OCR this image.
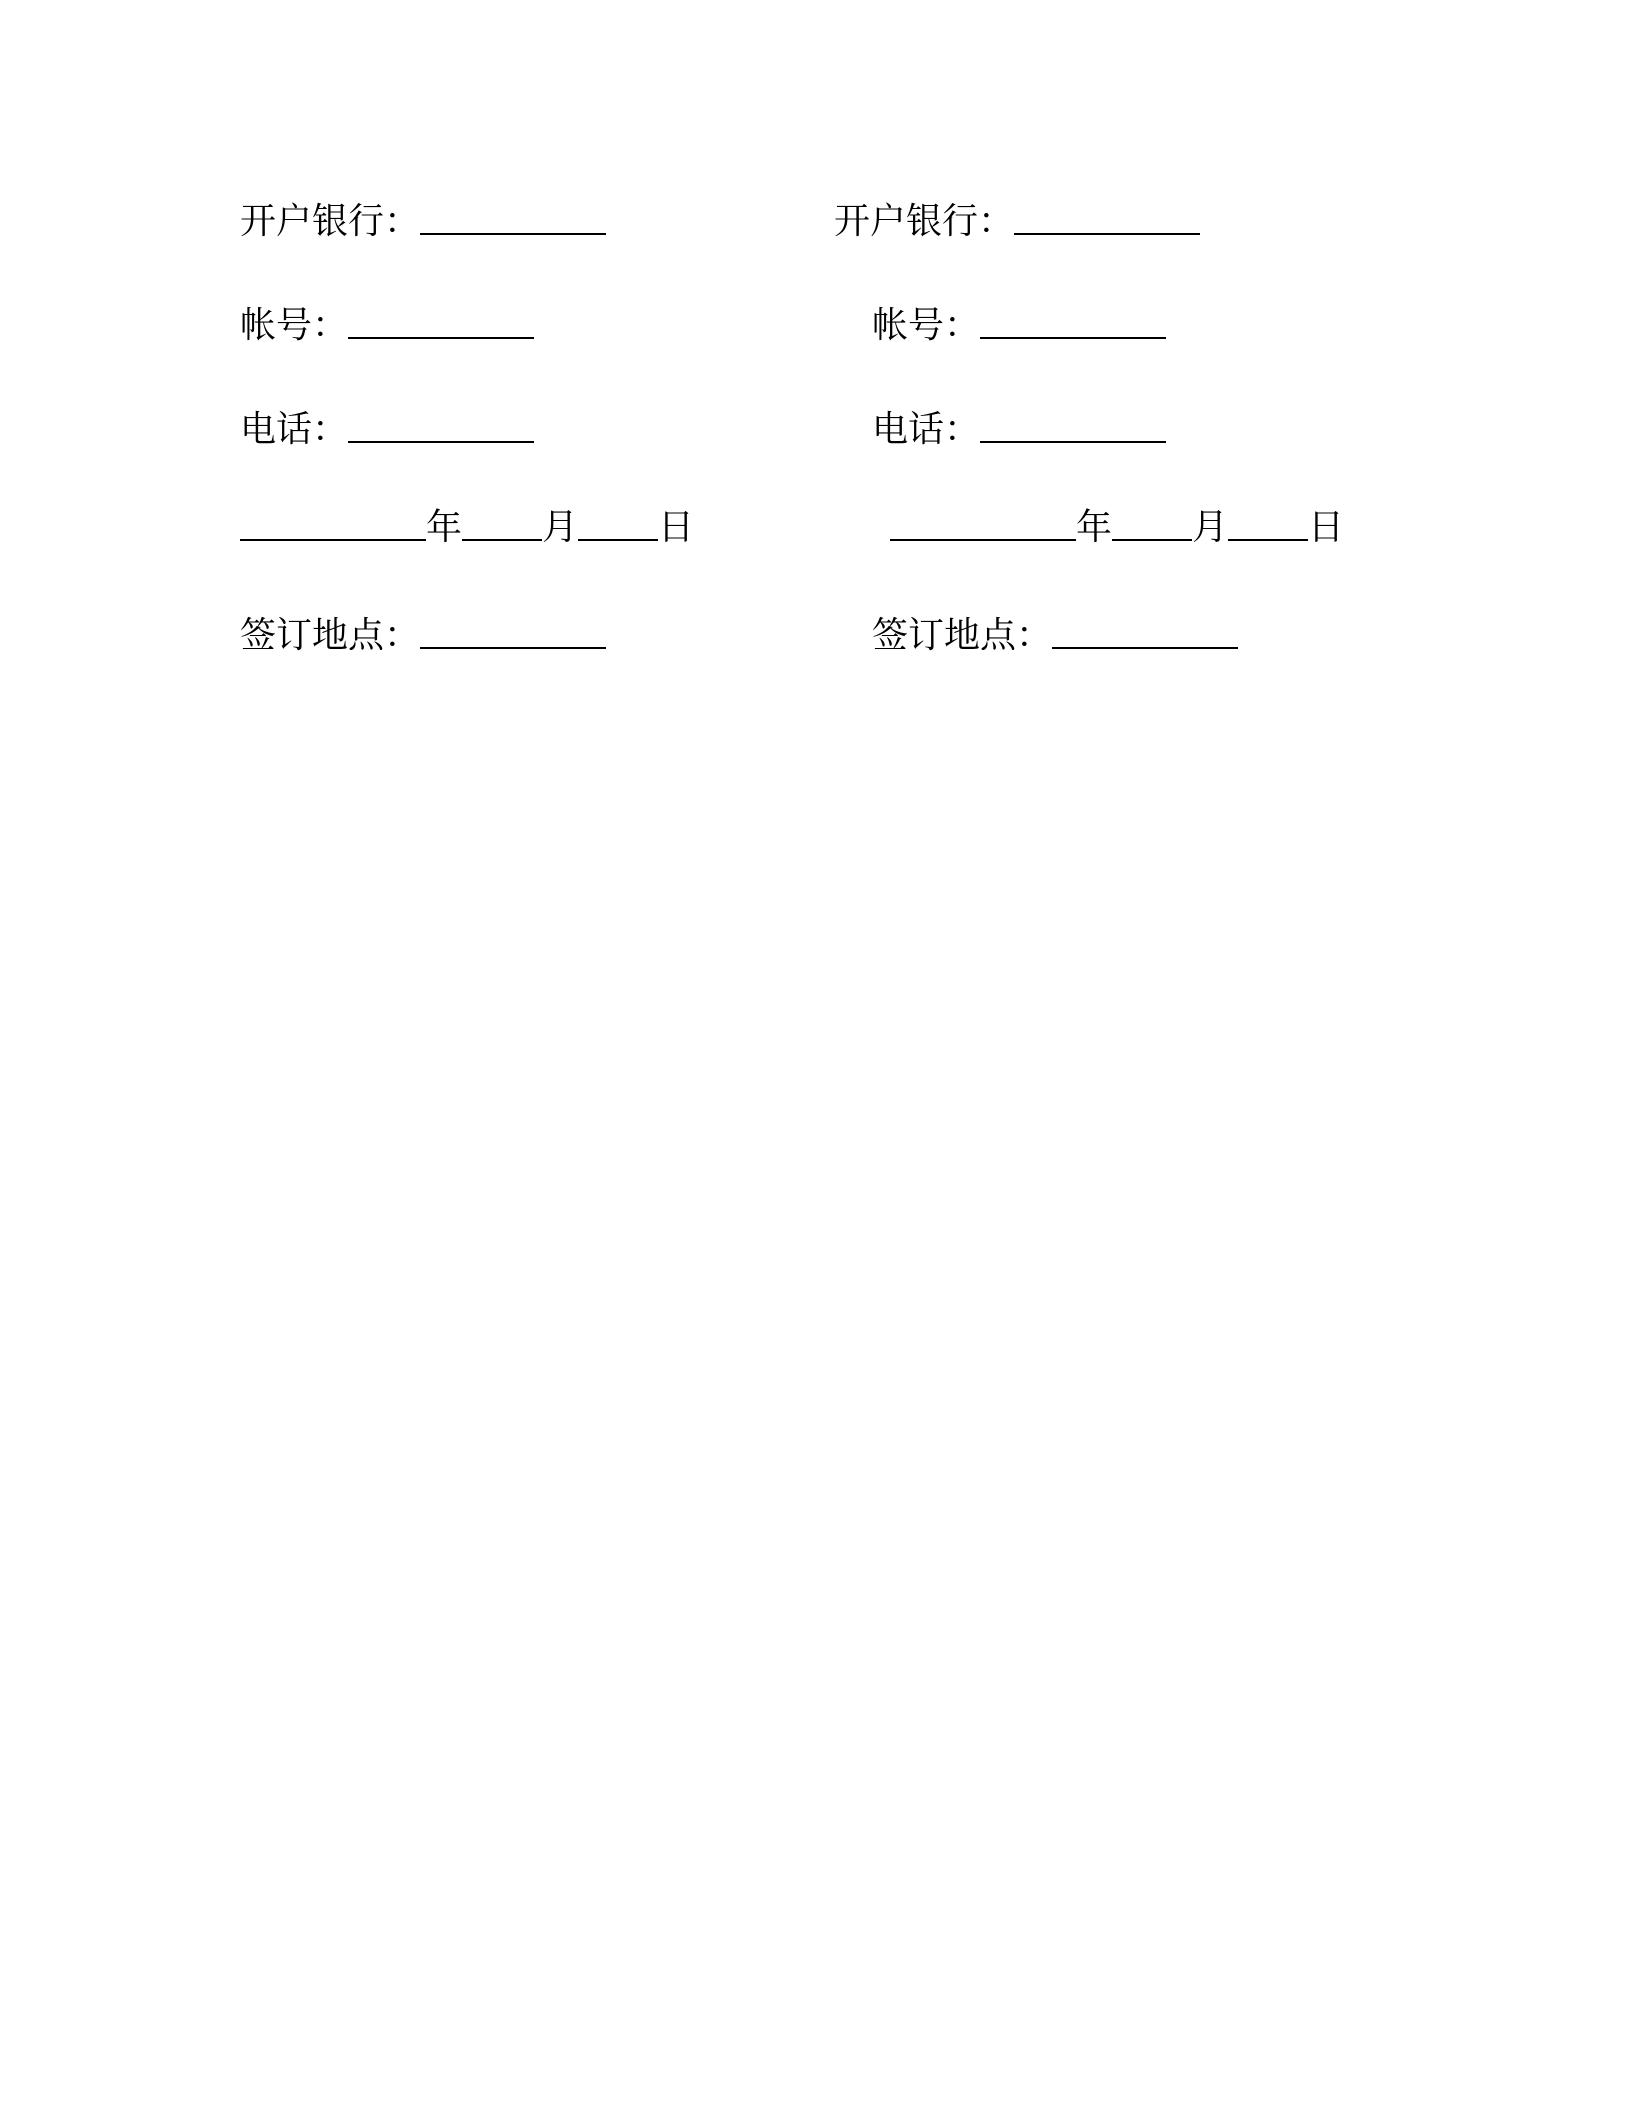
开户银行：
帐号：
电话：
年 月 日
签订地点：
开户银行：
帐号：
电话：
年 月 日
签订地点：
